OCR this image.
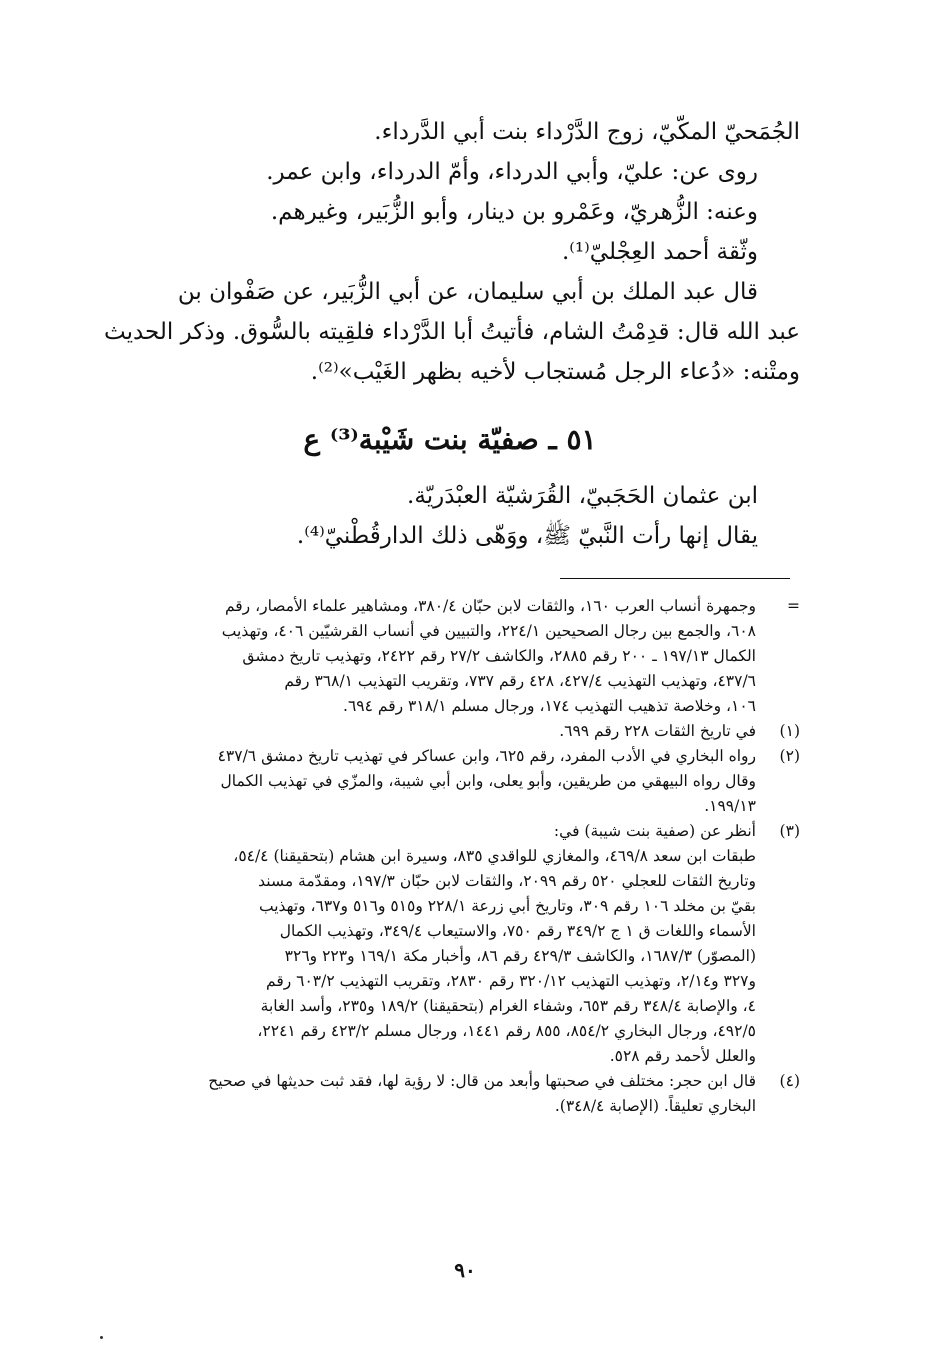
الجُمَحيّ المكّيّ، زوج الدَّرْداء بنت أبي الدَّرداء.

روى عن: عليّ، وأبي الدرداء، وأمّ الدرداء، وابن عمر.

وعنه: الزُّهريّ، وعَمْرو بن دينار، وأبو الزُّبَير، وغيرهم.

وثّقة أحمد العِجْليّ⁽¹⁾.

قال عبد الملك بن أبي سليمان، عن أبي الزُّبَير، عن صَفْوان بن

عبد الله قال: قدِمْتُ الشام، فأتيتُ أبا الدَّرْداء فلقِيته بالسُّوق. وذكر الحديث

ومتْنه: «دُعاء الرجل مُستجاب لأخيه بظهر الغَيْب»⁽²⁾.

٥١ ـ صفيّة بنت شَيْبة⁽³⁾ ع

ابن عثمان الحَجَبيّ، القُرَشيّة العبْدَريّة.

يقال إنها رأت النَّبيّ ﷺ، ووَهّى ذلك الدارقُطْنيّ⁽⁴⁾.

=

وجمهرة أنساب العرب ١٦٠، والثقات لابن حبّان ٣٨٠/٤، ومشاهير علماء الأمصار، رقم

٦٠٨، والجمع بين رجال الصحيحين ٢٢٤/١، والتبيين في أنساب القرشيّين ٤٠٦، وتهذيب

الكمال ١٩٧/١٣ ـ ٢٠٠ رقم ٢٨٨٥، والكاشف ٢٧/٢ رقم ٢٤٢٢، وتهذيب تاريخ دمشق

٤٣٧/٦، وتهذيب التهذيب ٤٢٧/٤، ٤٢٨ رقم ٧٣٧، وتقريب التهذيب ٣٦٨/١ رقم

١٠٦، وخلاصة تذهيب التهذيب ١٧٤، ورجال مسلم ٣١٨/١ رقم ٦٩٤.

(١)

في تاريخ الثقات ٢٢٨ رقم ٦٩٩.

(٢)

رواه البخاري في الأدب المفرد، رقم ٦٢٥، وابن عساكر في تهذيب تاريخ دمشق ٤٣٧/٦

وقال رواه البيهقي من طريقين، وأبو يعلى، وابن أبي شيبة، والمزّي في تهذيب الكمال

١٩٩/١٣.

(٣)

أنظر عن (صفية بنت شيبة) في:

طبقات ابن سعد ٤٦٩/٨، والمغازي للواقدي ٨٣٥، وسيرة ابن هشام (بتحقيقنا) ٥٤/٤،

وتاريخ الثقات للعجلي ٥٢٠ رقم ٢٠٩٩، والثقات لابن حبّان ١٩٧/٣، ومقدّمة مسند

بقيّ بن مخلد ١٠٦ رقم ٣٠٩، وتاريخ أبي زرعة ٢٢٨/١ و٥١٥ و٥١٦ و٦٣٧، وتهذيب

الأسماء واللغات ق ١ ج ٣٤٩/٢ رقم ٧٥٠، والاستيعاب ٣٤٩/٤، وتهذيب الكمال

(المصوّر) ١٦٨٧/٣، والكاشف ٤٢٩/٣ رقم ٨٦، وأخبار مكة ١٦٩/١ و٢٢٣ و٣٢٦

و٣٢٧ و٢/١٤، وتهذيب التهذيب ٣٢٠/١٢ رقم ٢٨٣٠، وتقريب التهذيب ٦٠٣/٢ رقم

٤، والإصابة ٣٤٨/٤ رقم ٦٥٣، وشفاء الغرام (بتحقيقنا) ١٨٩/٢ و٢٣٥، وأسد الغابة

٤٩٢/٥، ورجال البخاري ٨٥٤/٢، ٨٥٥ رقم ١٤٤١، ورجال مسلم ٤٢٣/٢ رقم ٢٢٤١،

والعلل لأحمد رقم ٥٢٨.

(٤)

قال ابن حجر: مختلف في صحبتها وأبعد من قال: لا رؤية لها، فقد ثبت حديثها في صحيح

البخاري تعليقاً. (الإصابة ٣٤٨/٤).

٩٠
